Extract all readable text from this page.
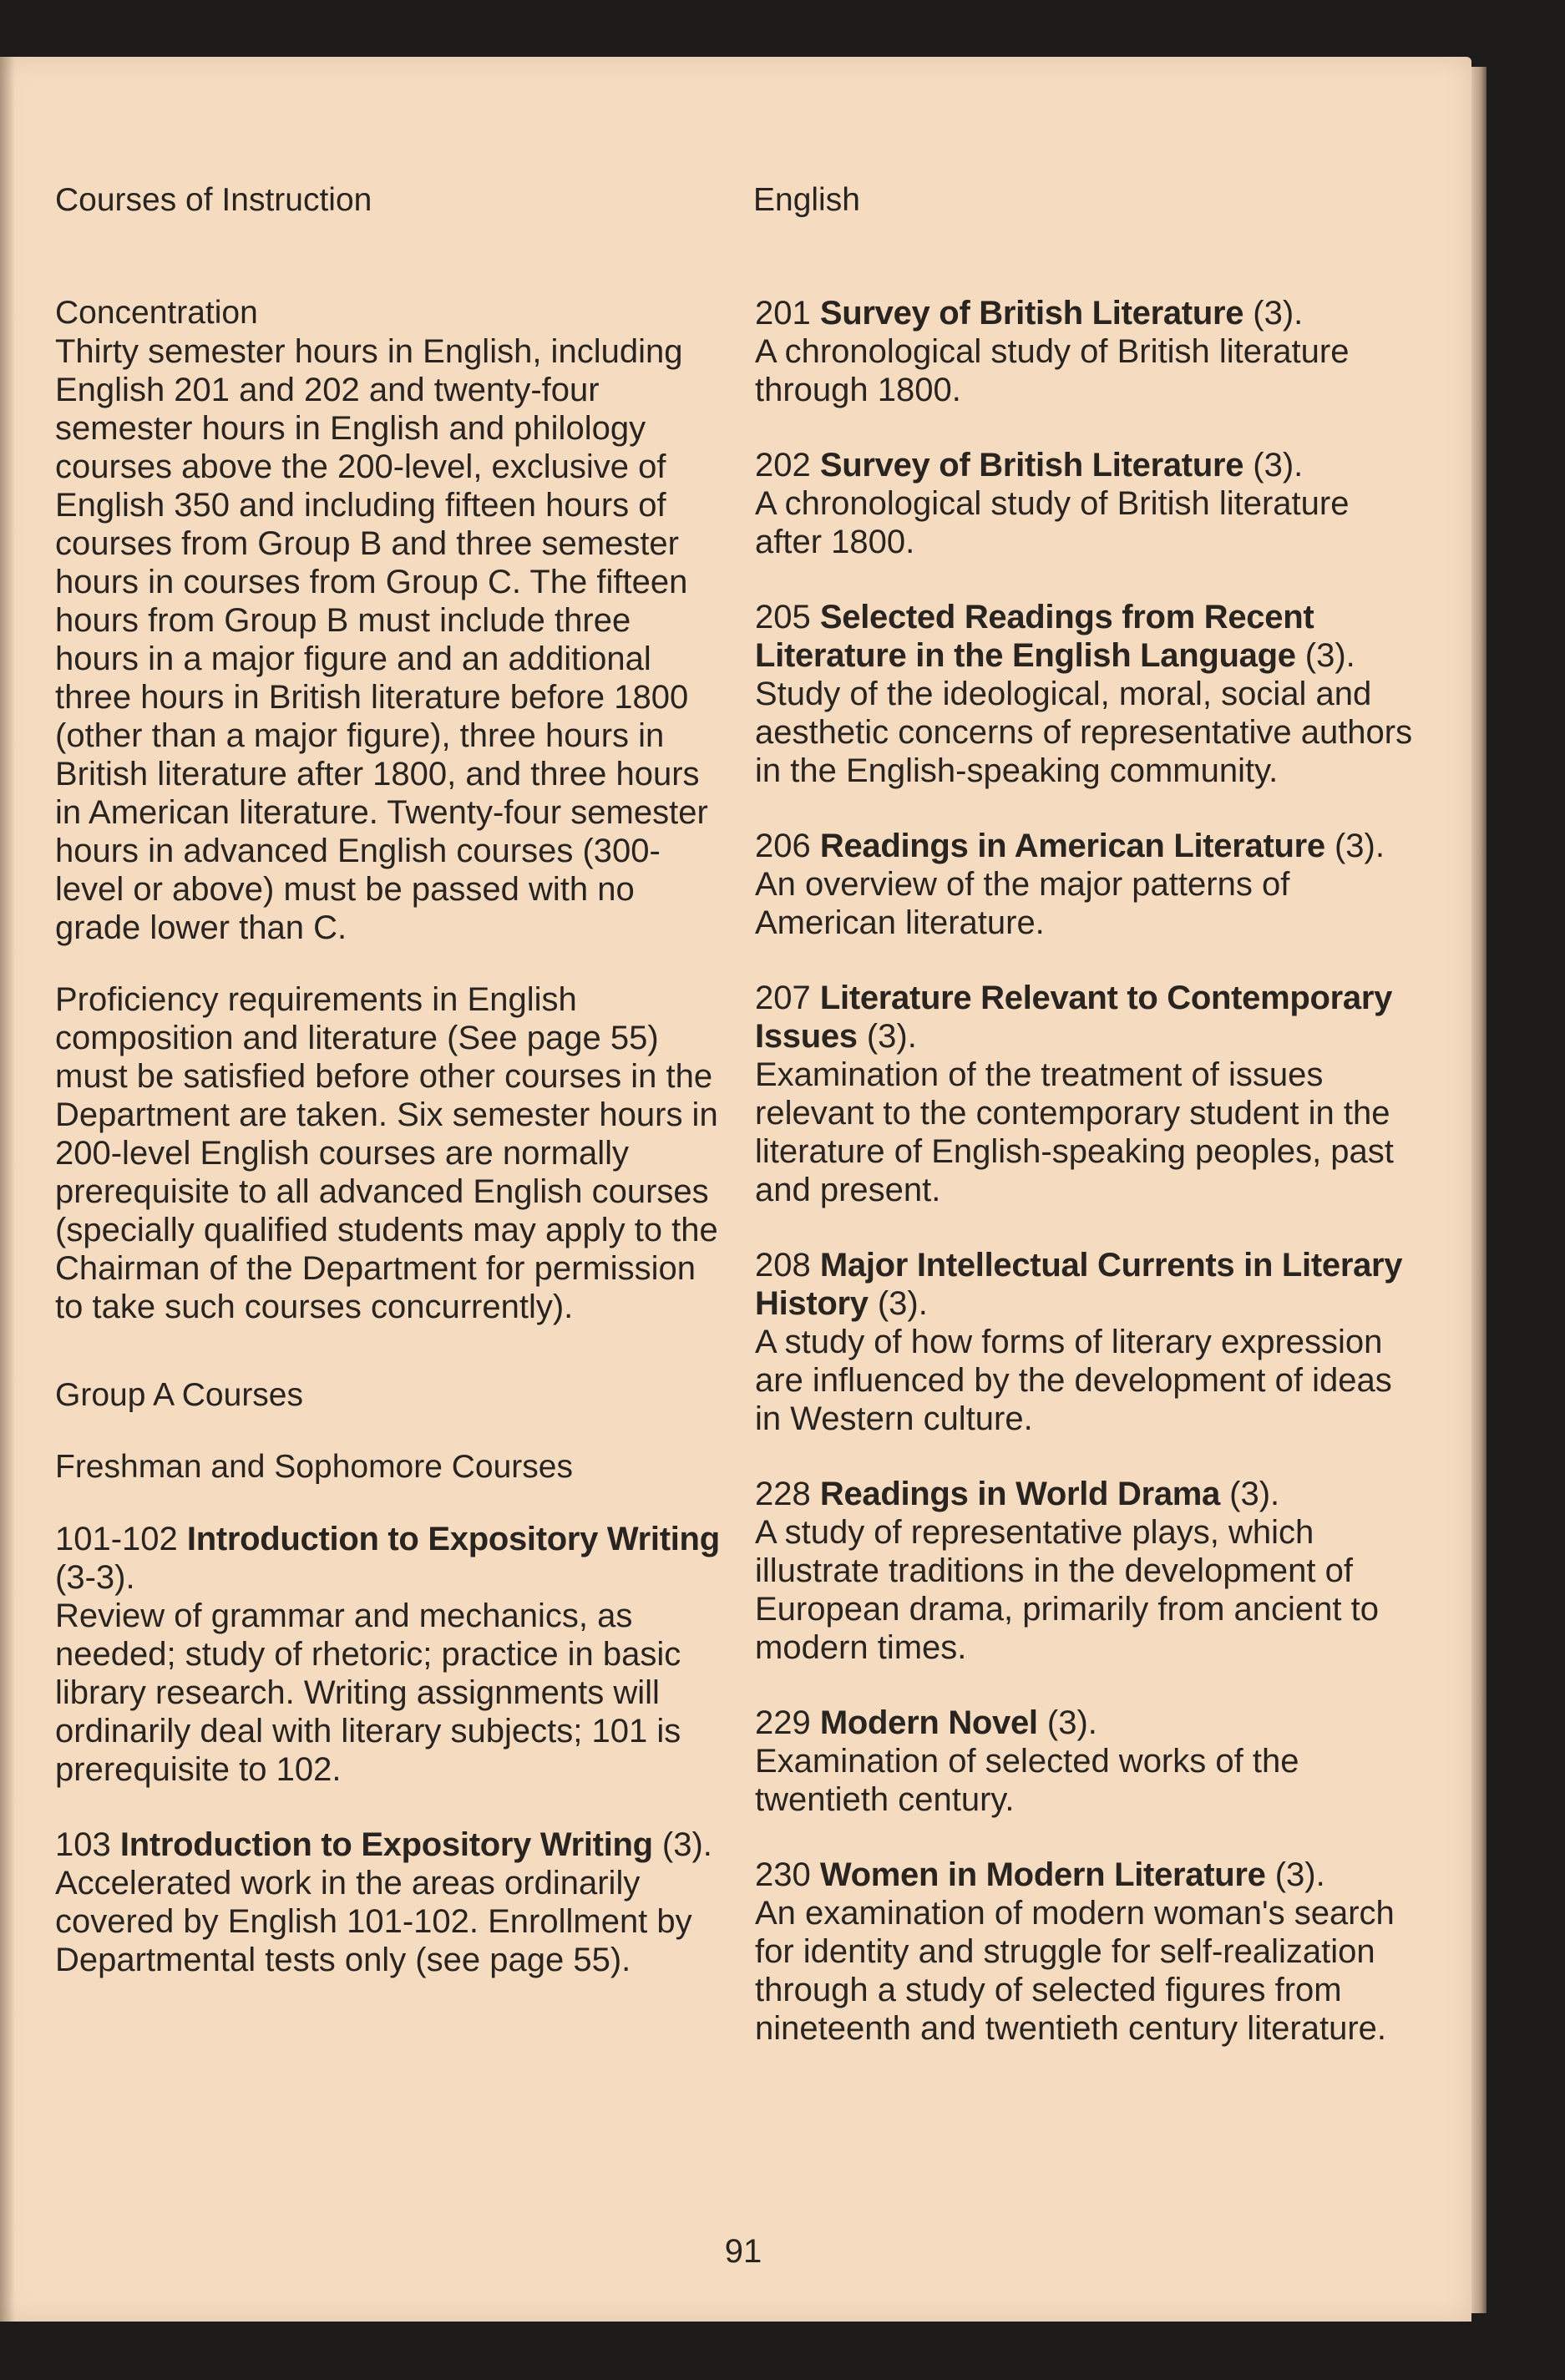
Courses of Instruction	English
Concentration

Thirty semester hours in English, including English 201 and 202 and twenty-four semester hours in English and philology courses above the 200-level, exclusive of English 350 and including fifteen hours of courses from Group B and three semester hours in courses from Group C. The fifteen hours from Group B must include three hours in a major figure and an additional three hours in British literature before 1800 (other than a major figure), three hours in British literature after 1800, and three hours in American literature. Twenty-four semester hours in advanced English courses (300-level or above) must be passed with no grade lower than C.

Proficiency requirements in English composition and literature (See page 55) must be satisfied before other courses in the Department are taken. Six semester hours in 200-level English courses are normally prerequisite to all advanced English courses (specially qualified students may apply to the Chairman of the Department for permission to take such courses concurrently).

Group A Courses
Freshman and Sophomore Courses
101-102 Introduction to Expository Writing (3-3).
Review of grammar and mechanics, as needed; study of rhetoric; practice in basic library research. Writing assignments will ordinarily deal with literary subjects; 101 is prerequisite to 102.
103 Introduction to Expository Writing (3).
Accelerated work in the areas ordinarily covered by English 101-102. Enrollment by Departmental tests only (see page 55).
201 Survey of British Literature (3).
A chronological study of British literature through 1800.
202 Survey of British Literature (3).
A chronological study of British literature after 1800.
205 Selected Readings from Recent Literature in the English Language (3).
Study of the ideological, moral, social and aesthetic concerns of representative authors in the English-speaking community.
206 Readings in American Literature (3).
An overview of the major patterns of American literature.
207 Literature Relevant to Contemporary Issues (3).
Examination of the treatment of issues relevant to the contemporary student in the literature of English-speaking peoples, past and present.
208 Major Intellectual Currents in Literary History (3).
A study of how forms of literary expression are influenced by the development of ideas in Western culture.
228 Readings in World Drama (3).
A study of representative plays, which illustrate traditions in the development of European drama, primarily from ancient to modern times.
229 Modern Novel (3).
Examination of selected works of the twentieth century.
230 Women in Modern Literature (3).
An examination of modern woman's search for identity and struggle for self-realization through a study of selected figures from nineteenth and twentieth century literature.
91
